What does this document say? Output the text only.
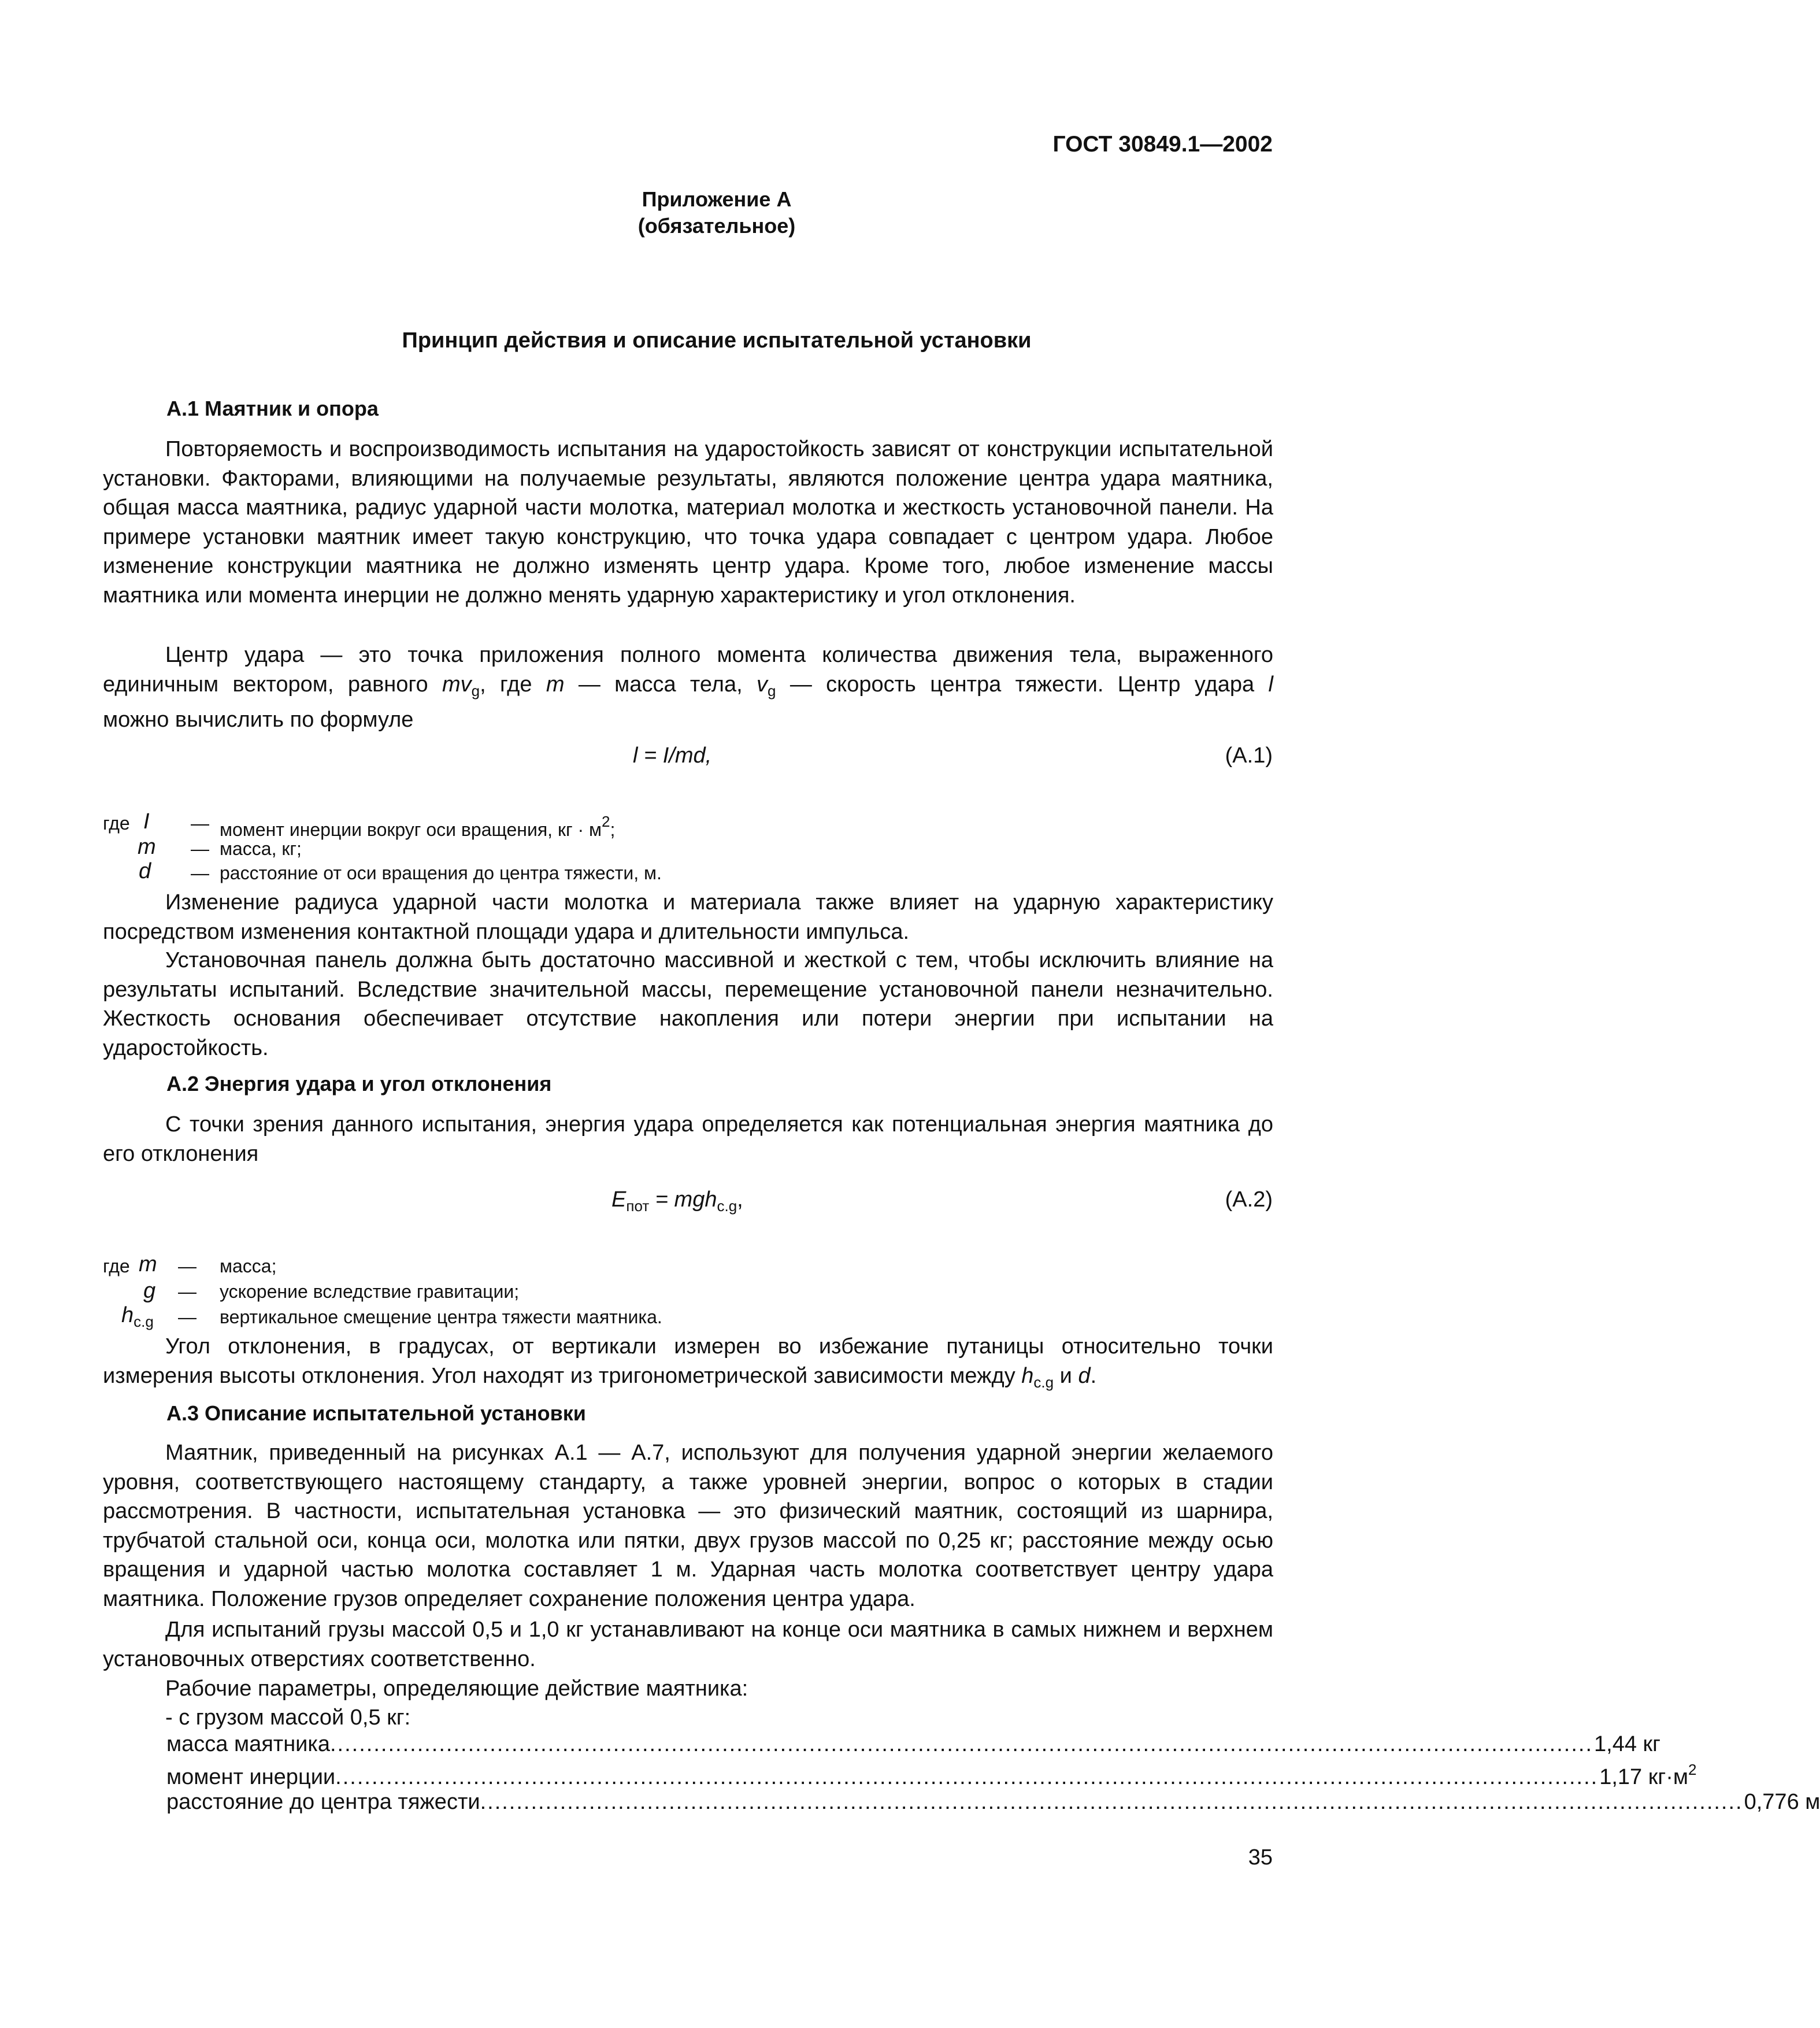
ГОСТ 30849.1—2002
Приложение А
(обязательное)
Принцип действия и описание испытательной установки
А.1 Маятник и опора
Повторяемость и воспроизводимость испытания на ударостойкость зависят от конструкции испытательной установки. Факторами, влияющими на получаемые результаты, являются положение центра удара маятника, общая масса маятника, радиус ударной части молотка, материал молотка и жесткость установочной панели. На примере установки маятник имеет такую конструкцию, что точка удара совпадает с центром удара. Любое изменение конструкции маятника не должно изменять центр удара. Кроме того, любое изменение массы маятника или момента инерции не должно менять ударную характеристику и угол отклонения.
Центр удара — это точка приложения полного момента количества движения тела, выраженного
единичным вектором, равного $mv_g$, где m — масса тела, $v_g$ — скорость центра тяжести. Центр удара l
можно вычислить по формуле
l = I/md,	(А.1)
где I — момент инерции вокруг оси вращения, кг · $м^2$;
m — масса, кг;
d — расстояние от оси вращения до центра тяжести, м.
Изменение радиуса ударной части молотка и материала также влияет на ударную характеристику посредством изменения контактной площади удара и длительности импульса.
Установочная панель должна быть достаточно массивной и жесткой с тем, чтобы исключить влияние на результаты испытаний. Вследствие значительной массы, перемещение установочной панели незначительно. Жесткость основания обеспечивает отсутствие накопления или потери энергии при испытании на ударостойкость.
А.2 Энергия удара и угол отклонения
С точки зрения данного испытания, энергия удара определяется как потенциальная энергия маятника до его отклонения
$E_{пот} = mgh_{c.g}$,	(А.2)
где m — масса;
g — ускорение вследствие гравитации;
$h_{c.g}$ — вертикальное смещение центра тяжести маятника.
Угол отклонения, в градусах, от вертикали измерен во избежание путаницы относительно точки
измерения высоты отклонения. Угол находят из тригонометрической зависимости между $h_{c.g}$ и d.
А.3 Описание испытательной установки
Маятник, приведенный на рисунках А.1 — А.7, используют для получения ударной энергии желаемого уровня, соответствующего настоящему стандарту, а также уровней энергии, вопрос о которых в стадии рассмотрения. В частности, испытательная установка — это физический маятник, состоящий из шарнира, трубчатой стальной оси, конца оси, молотка или пятки, двух грузов массой по 0,25 кг; расстояние между осью вращения и ударной частью молотка составляет 1 м. Ударная часть молотка соответствует центру удара маятника. Положение грузов определяет сохранение положения центра удара.
Для испытаний грузы массой 0,5 и 1,0 кг устанавливают на конце оси маятника в самых нижнем и верхнем установочных отверстиях соответственно.
Рабочие параметры, определяющие действие маятника:
- с грузом массой 0,5 кг:
масса маятника .............................................................................................................................................................................. 1,44 кг
момент инерции .............................................................................................................................................................................. 1,17 $кг\cdot м^2$
расстояние до центра тяжести .............................................................................................................................................................................. 0,776 м
35
